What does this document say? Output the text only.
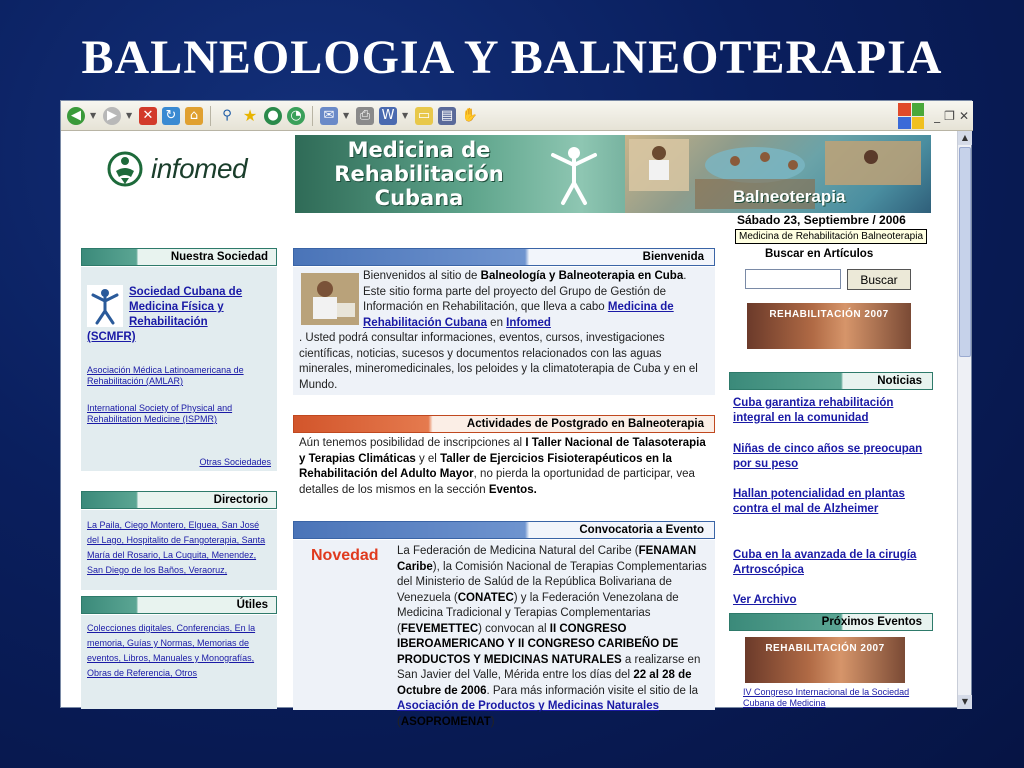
BALNEOLOGIA Y BALNEOTERAPIA
◀	▼ ▶	▼ ✕ ↻	⌂	⚲ ★ ● ◔ ✉	▼ ⎙ W ▼ ▭ ▤ ✋	_ ❐ ✕
infomed
Medicina de
Rehabilitación
Cubana	Balneoterapia
Sábado 23, Septiembre / 2006
Medicina de Rehabilitación Balneoterapia
Nuestra Sociedad
Sociedad Cubana de Medicina Física y Rehabilitación
(SCMFR)
Asociación Médica Latinoamericana de Rehabilitación (AMLAR)
International Society of Physical and Rehabilitation Medicine (ISPMR)
Otras Sociedades
Directorio
La Paila, Ciego Montero, Elguea, San José del Lago, Hospitalito de Fangoterapia, Santa María del Rosario, La Cuquita, Menendez, San Diego de los Baños, Veraoruz,
Útiles
Colecciones digitales, Conferencias, En la memoria, Guías y Normas, Memorias de eventos, Libros, Manuales y Monografías, Obras de Referencia, Otros
Bienvenida
Bienvenidos al sitio de Balneología y Balneoterapia en Cuba. Este sitio forma parte del proyecto del Grupo de Gestión de Información en Rehabilitación, que lleva a cabo Medicina de Rehabilitación Cubana en Infomed
. Usted podrá consultar informaciones, eventos, cursos, investigaciones científicas, noticias, sucesos y documentos relacionados con las aguas minerales, mineromedicinales, los peloides y la climatoterapia de Cuba y en el Mundo.
Actividades de Postgrado en Balneoterapia
Aún tenemos posibilidad de inscripciones al I Taller Nacional de Talasoterapia y Terapias Climáticas y el Taller de Ejercicios Fisioterapéuticos en la Rehabilitación del Adulto Mayor, no pierda la oportunidad de participar, vea detalles de los mismos en la sección Eventos.
Convocatoria a Evento
Novedad	La Federación de Medicina Natural del Caribe (FENAMAN Caribe), la Comisión Nacional de Terapias Complementarias del Ministerio de Salúd de la República Bolivariana de Venezuela (CONATEC) y la Federación Venezolana de Medicina Tradicional y Terapias Complementarias (FEVEMETTEC) convocan al II CONGRESO IBEROAMERICANO Y II CONGRESO CARIBEÑO DE PRODUCTOS Y MEDICINAS NATURALES a realizarse en San Javier del Valle, Mérida entre los días del 22 al 28 de Octubre de 2006. Para más información visite el sitio de la Asociación de Productos y Medicinas Naturales (ASOPROMENAT)
Buscar en Artículos
Buscar
REHABILITACIÓN 2007
Noticias
Cuba garantiza rehabilitación integral en la comunidad
Niñas de cinco años se preocupan por su peso
Hallan potencialidad en plantas contra el mal de Alzheimer
Cuba en la avanzada de la cirugía Artroscópica
Ver Archivo
Próximos Eventos
REHABILITACIÓN 2007
IV Congreso Internacional de la Sociedad Cubana de Medicina
▲
▼
